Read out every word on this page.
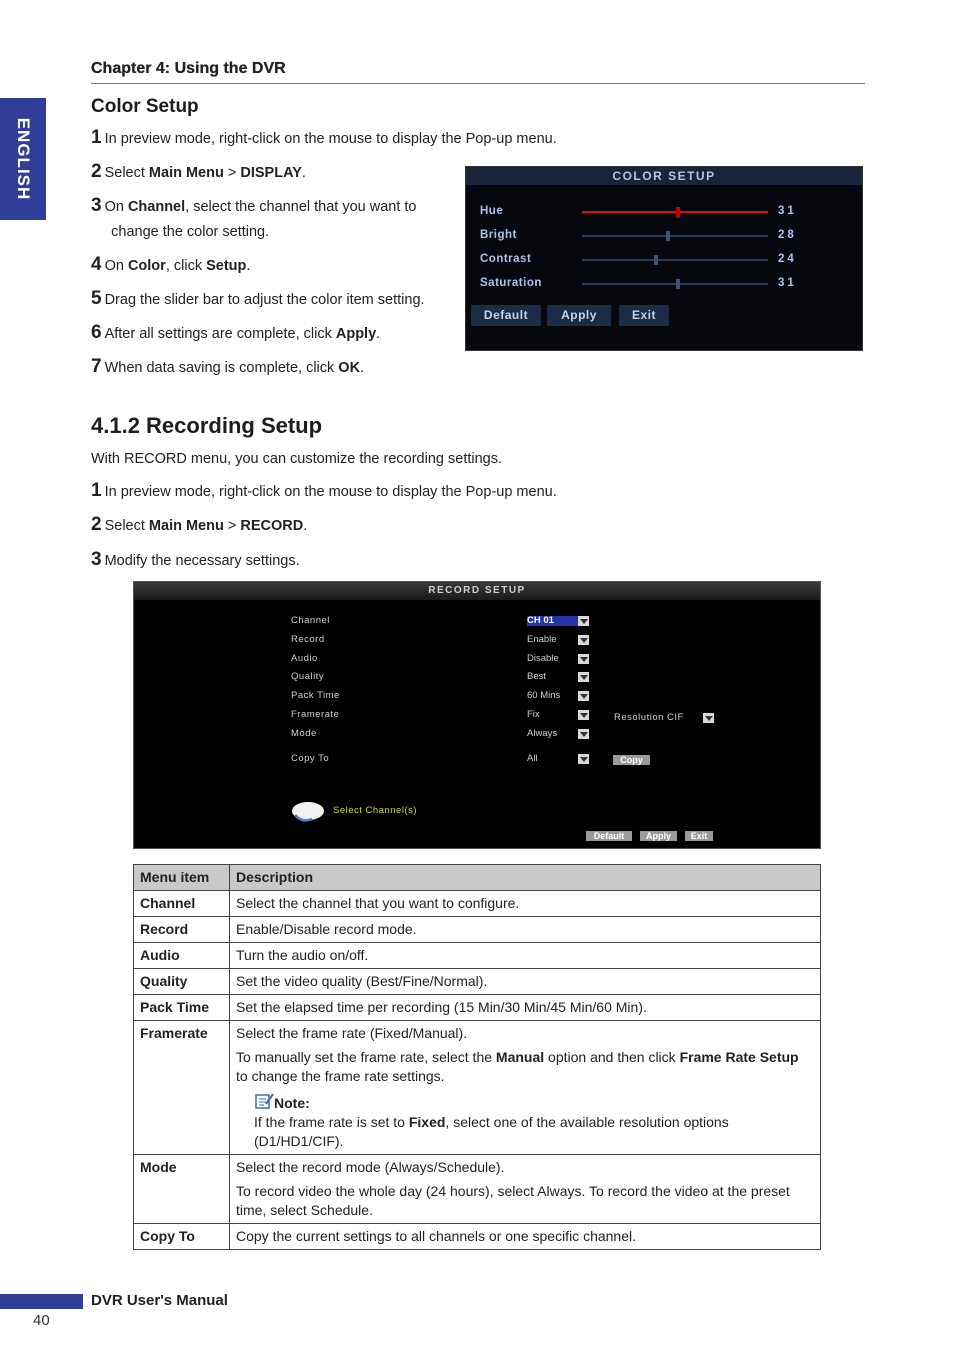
Chapter 4: Using the DVR
ENGLISH
Color Setup
1 In preview mode, right-click on the mouse to display the Pop-up menu.
2 Select Main Menu > DISPLAY.
3 On Channel, select the channel that you want to
change the color setting.
4 On Color, click Setup.
5 Drag the slider bar to adjust the color item setting.
6 After all settings are complete, click Apply.
7 When data saving is complete, click OK.
COLOR SETUP
Hue	31
Bright	28
Contrast	24
Saturation	31
Default	Apply	Exit
4.1.2 Recording Setup
With RECORD menu, you can customize the recording settings.
1 In preview mode, right-click on the mouse to display the Pop-up menu.
2 Select Main Menu > RECORD.
3 Modify the necessary settings.
RECORD SETUP
Channel	CH 01
Record	Enable
Audio	Disable
Quality	Best
Pack Time	60 Mins
Framerate	Fix
Mode	Always
Copy To	All
Resolution CIF
Copy
Select Channel(s)
Default	Apply	Exit
Menu item	Description
Channel	Select the channel that you want to configure.

Record	Enable/Disable record mode.

Audio	Turn the audio on/off.

Quality	Set the video quality (Best/Fine/Normal).

Pack Time	Set the elapsed time per recording (15 Min/30 Min/45 Min/60 Min).

Framerate	Select the frame rate (Fixed/Manual).

To manually set the frame rate, select the Manual option and then click Frame Rate Setup to change the frame rate settings.

Note:
If the frame rate is set to Fixed, select one of the available resolution options (D1/HD1/CIF).

Mode	Select the record mode (Always/Schedule).

To record video the whole day (24 hours), select Always. To record the video at the preset time, select Schedule.

Copy To	Copy the current settings to all channels or one specific channel.

DVR User's Manual
40
